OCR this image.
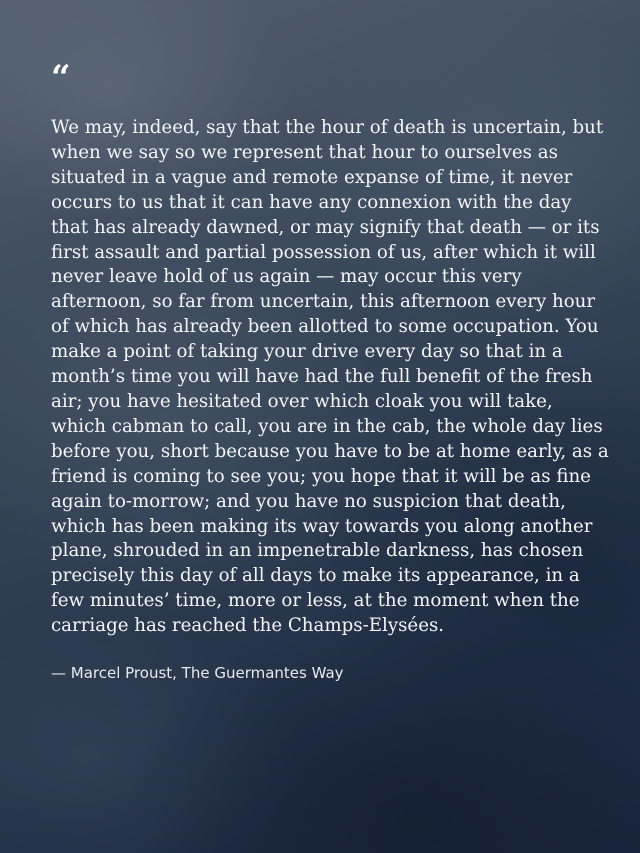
“

We may, indeed, say that the hour of death is uncertain, but when we say so we represent that hour to ourselves as situated in a vague and remote expanse of time, it never occurs to us that it can have any connexion with the day that has already dawned, or may signify that death — or its first assault and partial possession of us, after which it will never leave hold of us again — may occur this very afternoon, so far from uncertain, this afternoon every hour of which has already been allotted to some occupation. You make a point of taking your drive every day so that in a month’s time you will have had the full benefit of the fresh air; you have hesitated over which cloak you will take, which cabman to call, you are in the cab, the whole day lies before you, short because you have to be at home early, as a friend is coming to see you; you hope that it will be as fine again to-morrow; and you have no suspicion that death, which has been making its way towards you along another plane, shrouded in an impenetrable darkness, has chosen precisely this day of all days to make its appearance, in a few minutes’ time, more or less, at the moment when the carriage has reached the Champs-Elysées.

— Marcel Proust, The Guermantes Way
